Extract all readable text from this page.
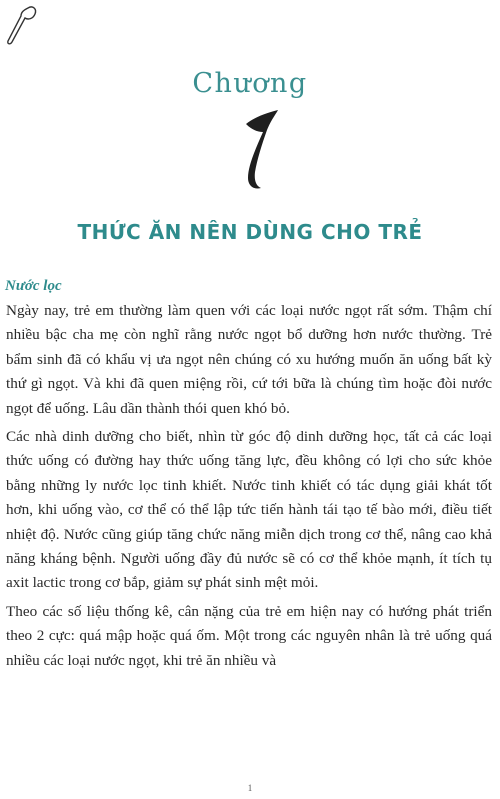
Chương
THỨC ĂN NÊN DÙNG CHO TRẺ
Nước lọc

Ngày nay, trẻ em thường làm quen với các loại nước ngọt rất sớm. Thậm chí nhiều bậc cha mẹ còn nghĩ rằng nước ngọt bổ dưỡng hơn nước thường. Trẻ bẩm sinh đã có khẩu vị ưa ngọt nên chúng có xu hướng muốn ăn uống bất kỳ thứ gì ngọt. Và khi đã quen miệng rồi, cứ tới bữa là chúng tìm hoặc đòi nước ngọt để uống. Lâu dần thành thói quen khó bỏ.

Các nhà dinh dưỡng cho biết, nhìn từ góc độ dinh dưỡng học, tất cả các loại thức uống có đường hay thức uống tăng lực, đều không có lợi cho sức khỏe bằng những ly nước lọc tinh khiết. Nước tinh khiết có tác dụng giải khát tốt hơn, khi uống vào, cơ thể có thể lập tức tiến hành tái tạo tế bào mới, điều tiết nhiệt độ. Nước cũng giúp tăng chức năng miễn dịch trong cơ thể, nâng cao khả năng kháng bệnh. Người uống đầy đủ nước sẽ có cơ thể khỏe mạnh, ít tích tụ axit lactic trong cơ bắp, giảm sự phát sinh mệt mỏi.

Theo các số liệu thống kê, cân nặng của trẻ em hiện nay có hướng phát triển theo 2 cực: quá mập hoặc quá ốm. Một trong các nguyên nhân là trẻ uống quá nhiều các loại nước ngọt, khi trẻ ăn nhiều và

1
